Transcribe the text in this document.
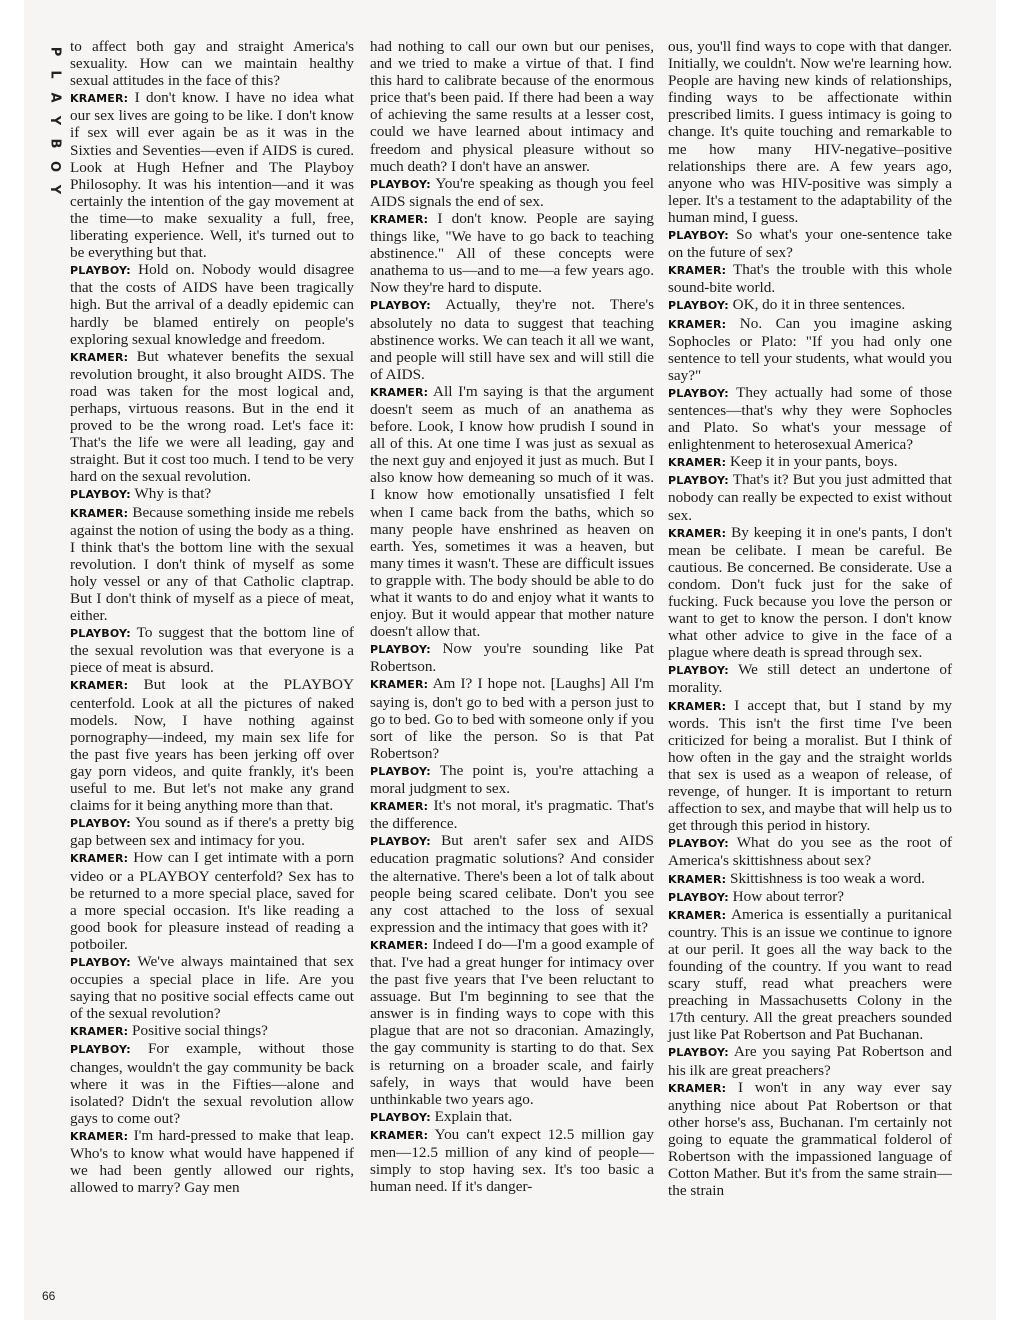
P
L
A
Y
B
O
Y
66

to affect both gay and straight America's sexuality. How can we maintain healthy sexual attitudes in the face of this?

KRAMER: I don't know. I have no idea what our sex lives are going to be like. I don't know if sex will ever again be as it was in the Sixties and Seventies—even if AIDS is cured. Look at Hugh Hefner and The Playboy Philosophy. It was his intention—and it was certainly the intention of the gay movement at the time—to make sexuality a full, free, liberating experience. Well, it's turned out to be everything but that.

PLAYBOY: Hold on. Nobody would disagree that the costs of AIDS have been tragically high. But the arrival of a deadly epidemic can hardly be blamed entirely on people's exploring sexual knowledge and freedom.

KRAMER: But whatever benefits the sexual revolution brought, it also brought AIDS. The road was taken for the most logical and, perhaps, virtuous reasons. But in the end it proved to be the wrong road. Let's face it: That's the life we were all leading, gay and straight. But it cost too much. I tend to be very hard on the sexual revolution.

PLAYBOY: Why is that?

KRAMER: Because something inside me rebels against the notion of using the body as a thing. I think that's the bottom line with the sexual revolution. I don't think of myself as some holy vessel or any of that Catholic claptrap. But I don't think of myself as a piece of meat, either.

PLAYBOY: To suggest that the bottom line of the sexual revolution was that everyone is a piece of meat is absurd.

KRAMER: But look at the PLAYBOY centerfold. Look at all the pictures of naked models. Now, I have nothing against pornography—indeed, my main sex life for the past five years has been jerking off over gay porn videos, and quite frankly, it's been useful to me. But let's not make any grand claims for it being anything more than that.

PLAYBOY: You sound as if there's a pretty big gap between sex and intimacy for you.

KRAMER: How can I get intimate with a porn video or a PLAYBOY centerfold? Sex has to be returned to a more special place, saved for a more special occasion. It's like reading a good book for pleasure instead of reading a potboiler.

PLAYBOY: We've always maintained that sex occupies a special place in life. Are you saying that no positive social effects came out of the sexual revolution?

KRAMER: Positive social things?

PLAYBOY: For example, without those changes, wouldn't the gay community be back where it was in the Fifties—alone and isolated? Didn't the sexual revolution allow gays to come out?

KRAMER: I'm hard-pressed to make that leap. Who's to know what would have happened if we had been gently allowed our rights, allowed to marry? Gay men

had nothing to call our own but our penises, and we tried to make a virtue of that. I find this hard to calibrate because of the enormous price that's been paid. If there had been a way of achieving the same results at a lesser cost, could we have learned about intimacy and freedom and physical pleasure without so much death? I don't have an answer.

PLAYBOY: You're speaking as though you feel AIDS signals the end of sex.

KRAMER: I don't know. People are saying things like, "We have to go back to teaching abstinence." All of these concepts were anathema to us—and to me—a few years ago. Now they're hard to dispute.

PLAYBOY: Actually, they're not. There's absolutely no data to suggest that teaching abstinence works. We can teach it all we want, and people will still have sex and will still die of AIDS.

KRAMER: All I'm saying is that the argument doesn't seem as much of an anathema as before. Look, I know how prudish I sound in all of this. At one time I was just as sexual as the next guy and enjoyed it just as much. But I also know how demeaning so much of it was. I know how emotionally unsatisfied I felt when I came back from the baths, which so many people have enshrined as heaven on earth. Yes, sometimes it was a heaven, but many times it wasn't. These are difficult issues to grapple with. The body should be able to do what it wants to do and enjoy what it wants to enjoy. But it would appear that mother nature doesn't allow that.

PLAYBOY: Now you're sounding like Pat Robertson.

KRAMER: Am I? I hope not. [Laughs] All I'm saying is, don't go to bed with a person just to go to bed. Go to bed with someone only if you sort of like the person. So is that Pat Robertson?

PLAYBOY: The point is, you're attaching a moral judgment to sex.

KRAMER: It's not moral, it's pragmatic. That's the difference.

PLAYBOY: But aren't safer sex and AIDS education pragmatic solutions? And consider the alternative. There's been a lot of talk about people being scared celibate. Don't you see any cost attached to the loss of sexual expression and the intimacy that goes with it?

KRAMER: Indeed I do—I'm a good example of that. I've had a great hunger for intimacy over the past five years that I've been reluctant to assuage. But I'm beginning to see that the answer is in finding ways to cope with this plague that are not so draconian. Amazingly, the gay community is starting to do that. Sex is returning on a broader scale, and fairly safely, in ways that would have been unthinkable two years ago.

PLAYBOY: Explain that.

KRAMER: You can't expect 12.5 million gay men—12.5 million of any kind of people—simply to stop having sex. It's too basic a human need. If it's danger-

ous, you'll find ways to cope with that danger. Initially, we couldn't. Now we're learning how. People are having new kinds of relationships, finding ways to be affectionate within prescribed limits. I guess intimacy is going to change. It's quite touching and remarkable to me how many HIV-negative–positive relationships there are. A few years ago, anyone who was HIV-positive was simply a leper. It's a testament to the adaptability of the human mind, I guess.

PLAYBOY: So what's your one-sentence take on the future of sex?

KRAMER: That's the trouble with this whole sound-bite world.

PLAYBOY: OK, do it in three sentences.

KRAMER: No. Can you imagine asking Sophocles or Plato: "If you had only one sentence to tell your students, what would you say?"

PLAYBOY: They actually had some of those sentences—that's why they were Sophocles and Plato. So what's your message of enlightenment to heterosexual America?

KRAMER: Keep it in your pants, boys.

PLAYBOY: That's it? But you just admitted that nobody can really be expected to exist without sex.

KRAMER: By keeping it in one's pants, I don't mean be celibate. I mean be careful. Be cautious. Be concerned. Be considerate. Use a condom. Don't fuck just for the sake of fucking. Fuck because you love the person or want to get to know the person. I don't know what other advice to give in the face of a plague where death is spread through sex.

PLAYBOY: We still detect an undertone of morality.

KRAMER: I accept that, but I stand by my words. This isn't the first time I've been criticized for being a moralist. But I think of how often in the gay and the straight worlds that sex is used as a weapon of release, of revenge, of hunger. It is important to return affection to sex, and maybe that will help us to get through this period in history.

PLAYBOY: What do you see as the root of America's skittishness about sex?

KRAMER: Skittishness is too weak a word.

PLAYBOY: How about terror?

KRAMER: America is essentially a puritanical country. This is an issue we continue to ignore at our peril. It goes all the way back to the founding of the country. If you want to read scary stuff, read what preachers were preaching in Massachusetts Colony in the 17th century. All the great preachers sounded just like Pat Robertson and Pat Buchanan.

PLAYBOY: Are you saying Pat Robertson and his ilk are great preachers?

KRAMER: I won't in any way ever say anything nice about Pat Robertson or that other horse's ass, Buchanan. I'm certainly not going to equate the grammatical folderol of Robertson with the impassioned language of Cotton Mather. But it's from the same strain—the strain
